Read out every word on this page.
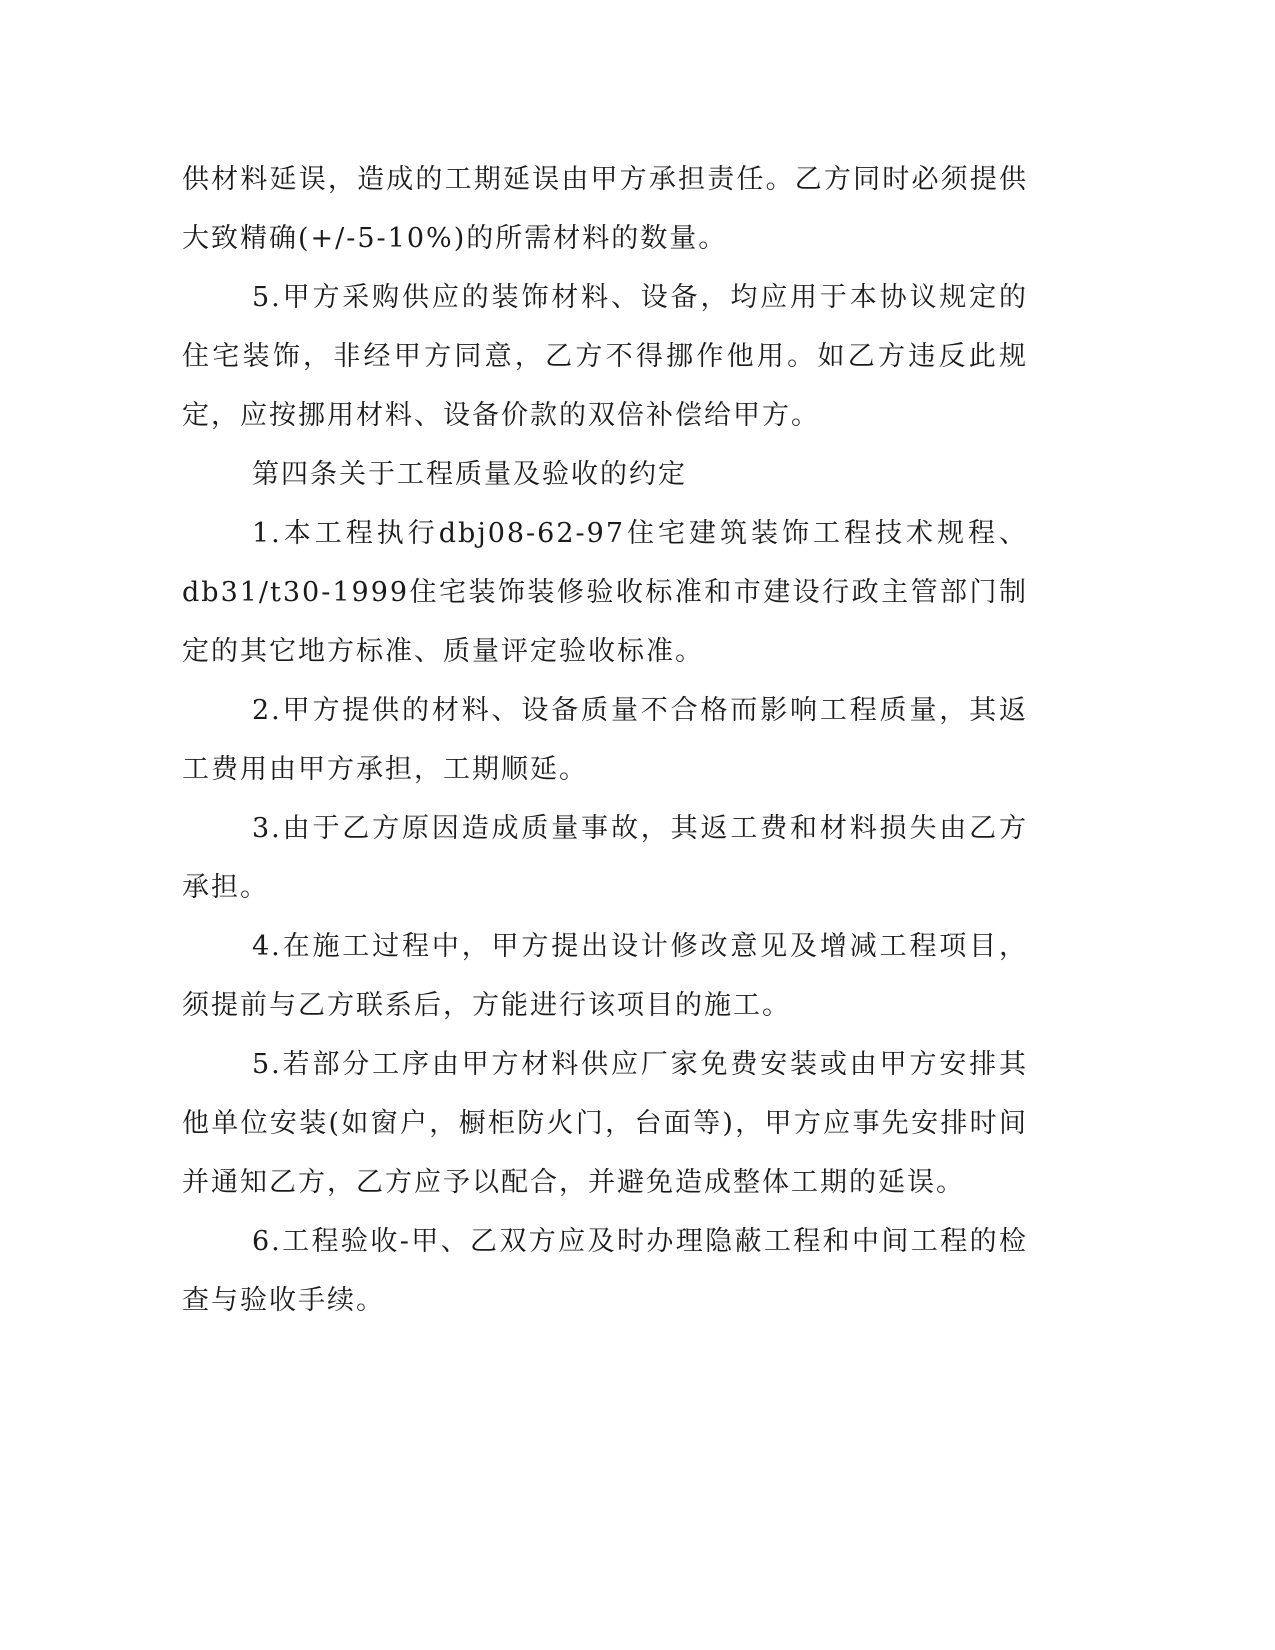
供材料延误，造成的工期延误由甲方承担责任。乙方同时必须提供大致精确(+/-5-10%)的所需材料的数量。

5.甲方采购供应的装饰材料、设备，均应用于本协议规定的住宅装饰，非经甲方同意，乙方不得挪作他用。如乙方违反此规定，应按挪用材料、设备价款的双倍补偿给甲方。

第四条关于工程质量及验收的约定

1.本工程执行dbj08-62-97住宅建筑装饰工程技术规程、db31/t30-1999住宅装饰装修验收标准和市建设行政主管部门制定的其它地方标准、质量评定验收标准。

2.甲方提供的材料、设备质量不合格而影响工程质量，其返工费用由甲方承担，工期顺延。

3.由于乙方原因造成质量事故，其返工费和材料损失由乙方承担。

4.在施工过程中，甲方提出设计修改意见及增减工程项目，须提前与乙方联系后，方能进行该项目的施工。

5.若部分工序由甲方材料供应厂家免费安装或由甲方安排其他单位安装(如窗户，橱柜防火门，台面等)，甲方应事先安排时间并通知乙方，乙方应予以配合，并避免造成整体工期的延误。

6.工程验收-甲、乙双方应及时办理隐蔽工程和中间工程的检查与验收手续。
